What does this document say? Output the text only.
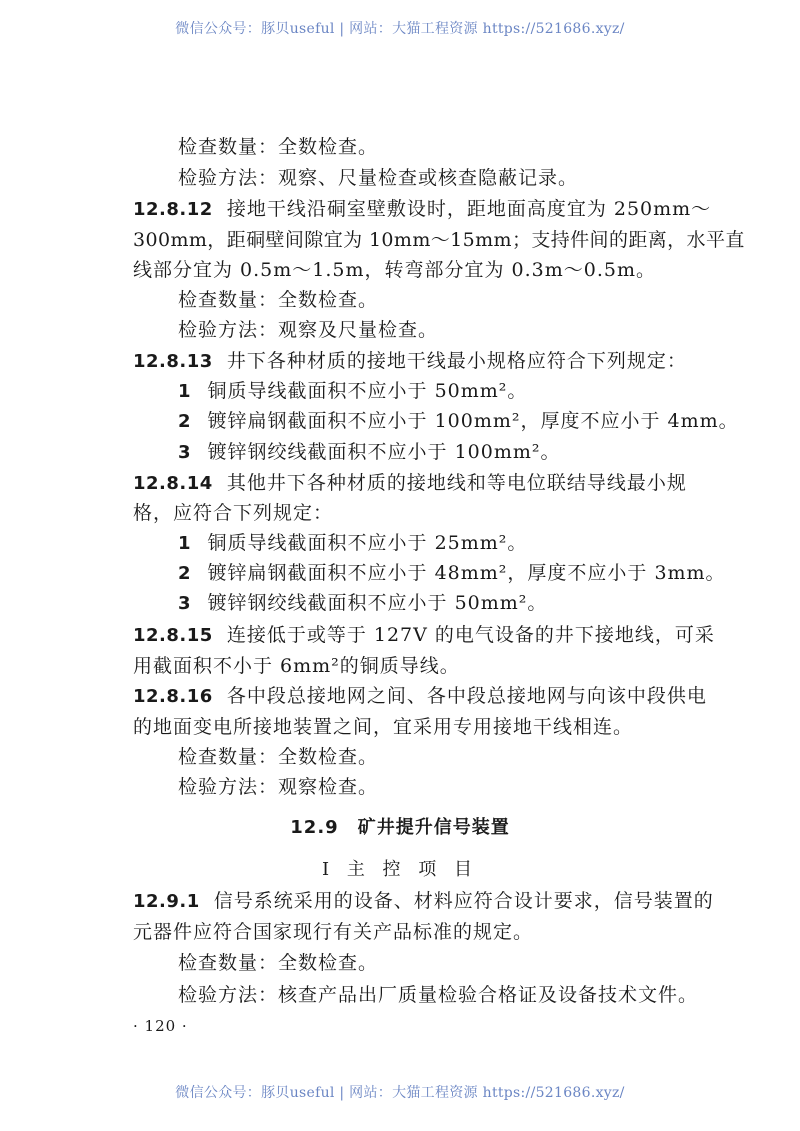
微信公众号：豚贝useful | 网站：大猫工程资源 https://521686.xyz/
检查数量：全数检查。
检验方法：观察、尺量检查或核查隐蔽记录。
12.8.12 接地干线沿硐室壁敷设时，距地面高度宜为 250mm～
300mm，距硐壁间隙宜为 10mm～15mm；支持件间的距离，水平直
线部分宜为 0.5m～1.5m，转弯部分宜为 0.3m～0.5m。
检查数量：全数检查。
检验方法：观察及尺量检查。
12.8.13 井下各种材质的接地干线最小规格应符合下列规定：
1 铜质导线截面积不应小于 50mm²。
2 镀锌扁钢截面积不应小于 100mm²，厚度不应小于 4mm。
3 镀锌钢绞线截面积不应小于 100mm²。
12.8.14 其他井下各种材质的接地线和等电位联结导线最小规
格，应符合下列规定：
1 铜质导线截面积不应小于 25mm²。
2 镀锌扁钢截面积不应小于 48mm²，厚度不应小于 3mm。
3 镀锌钢绞线截面积不应小于 50mm²。
12.8.15 连接低于或等于 127V 的电气设备的井下接地线，可采
用截面积不小于 6mm²的铜质导线。
12.8.16 各中段总接地网之间、各中段总接地网与向该中段供电
的地面变电所接地装置之间，宜采用专用接地干线相连。
检查数量：全数检查。
检验方法：观察检查。
12.9　矿井提升信号装置
Ⅰ 主 控 项 目
12.9.1 信号系统采用的设备、材料应符合设计要求，信号装置的
元器件应符合国家现行有关产品标准的规定。
检查数量：全数检查。
检验方法：核查产品出厂质量检验合格证及设备技术文件。
· 120 ·
微信公众号：豚贝useful | 网站：大猫工程资源 https://521686.xyz/
